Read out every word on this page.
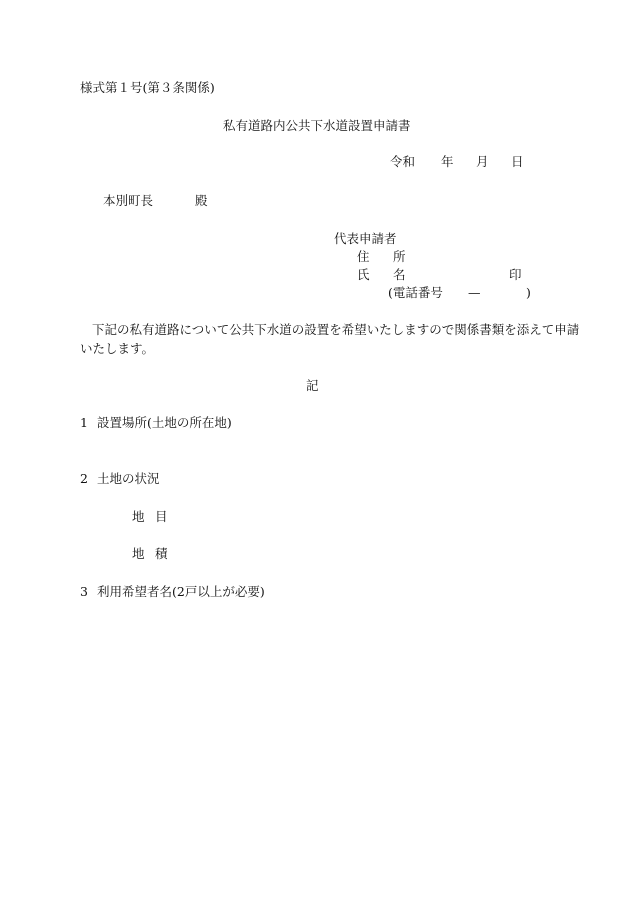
様式第１号(第３条関係)
私有道路内公共下水道設置申請書
令和 年 月 日
本別町長	殿
代表申請者
住 所
氏 名	印
(電話番号 —	)
下記の私有道路について公共下水道の設置を希望いたしますので関係書類を添えて申請
いたします。
記
1 設置場所(土地の所在地)
2 土地の状況
地 目
地 積
3 利用希望者名(2戸以上が必要)
